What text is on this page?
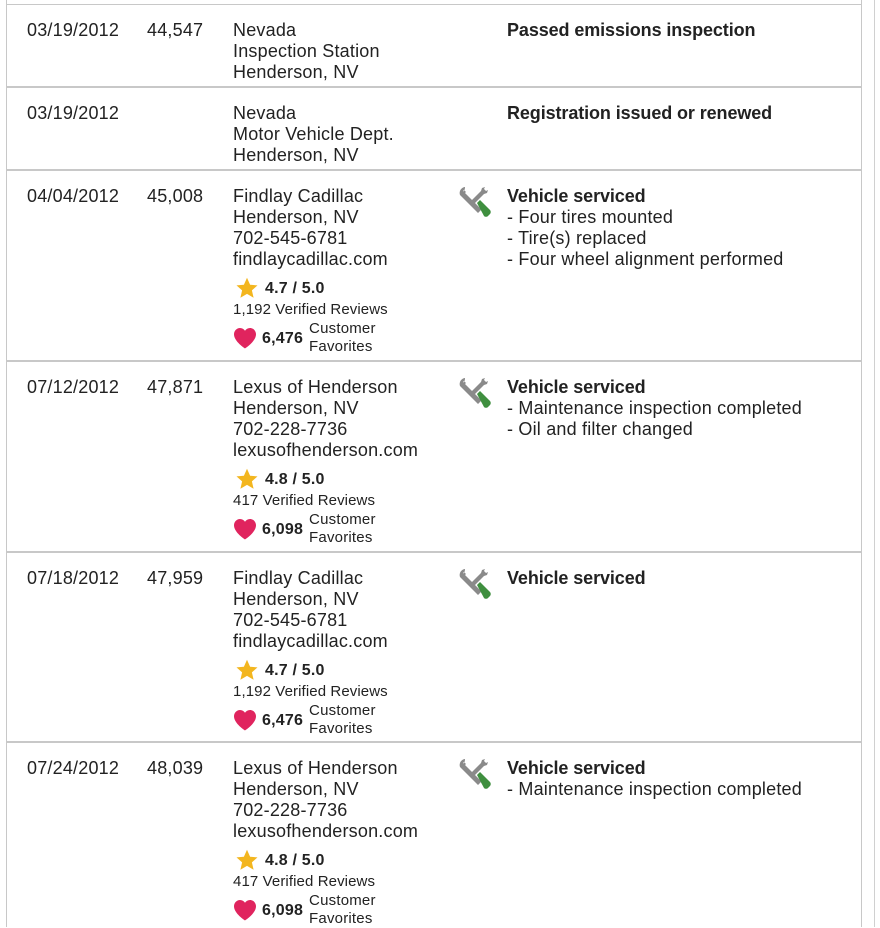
03/19/2012 44,547 Nevada
Inspection Station
Henderson, NV
Passed emissions inspection
03/19/2012	Nevada
Motor Vehicle Dept.
Henderson, NV
Registration issued or renewed
04/04/2012 45,008 Findlay Cadillac
Henderson, NV
702-545-6781
findlaycadillac.com
4.7 / 5.0
1,192 Verified Reviews
6,476
Customer
Favorites
Vehicle serviced
- Four tires mounted
- Tire(s) replaced
- Four wheel alignment performed
07/12/2012 47,871 Lexus of Henderson
Henderson, NV
702-228-7736
lexusofhenderson.com
4.8 / 5.0
417 Verified Reviews
6,098
Customer
Favorites
Vehicle serviced
- Maintenance inspection completed
- Oil and filter changed
07/18/2012 47,959 Findlay Cadillac
Henderson, NV
702-545-6781
findlaycadillac.com
4.7 / 5.0
1,192 Verified Reviews
6,476
Customer
Favorites
Vehicle serviced
07/24/2012 48,039 Lexus of Henderson
Henderson, NV
702-228-7736
lexusofhenderson.com
4.8 / 5.0
417 Verified Reviews
6,098
Customer
Favorites
Vehicle serviced
- Maintenance inspection completed
